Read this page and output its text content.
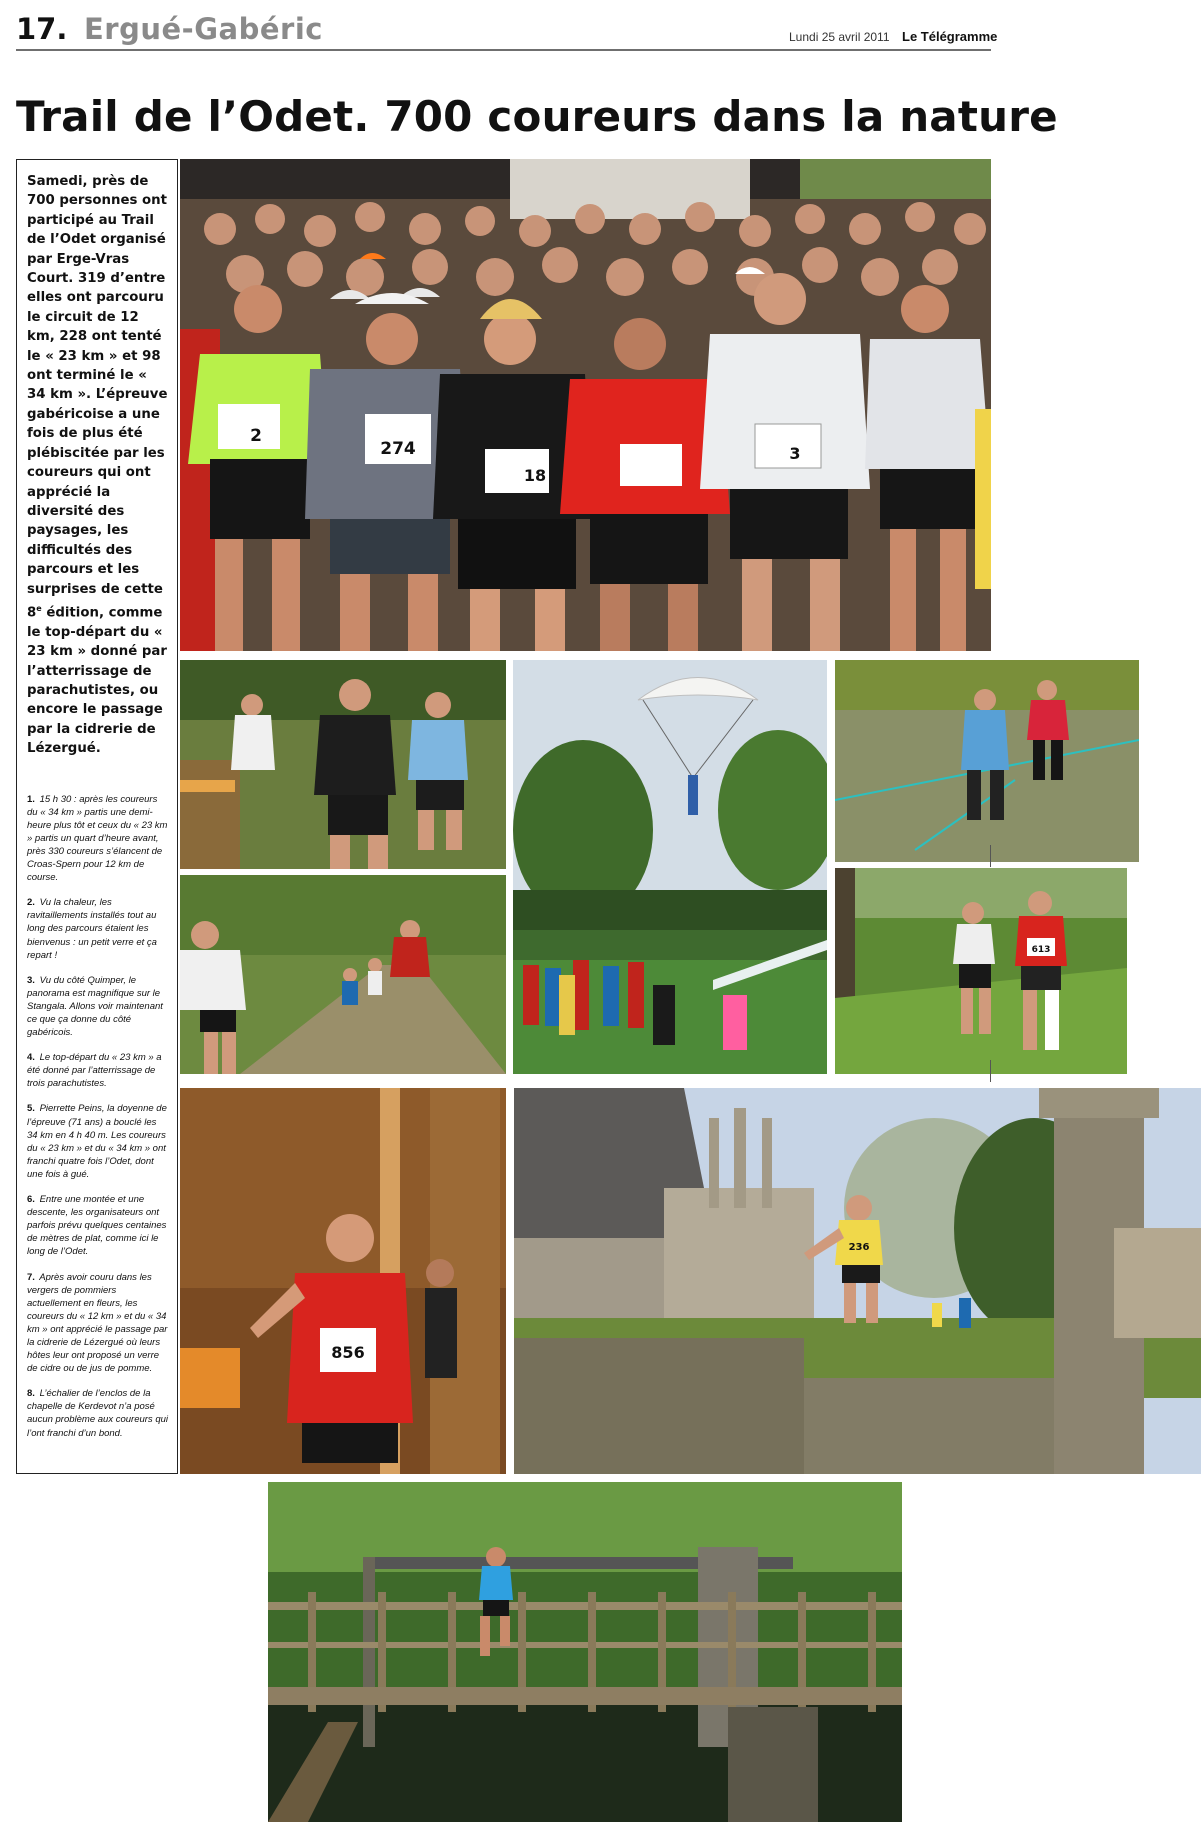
17. Ergué-Gabéric	Lundi 25 avril 2011 Le Télégramme
Trail de l’Odet. 700 coureurs dans la nature

Samedi, près de 700 personnes ont participé au Trail de l’Odet organisé par Erge-Vras Court. 319 d’entre elles ont parcouru le circuit de 12 km, 228 ont tenté le « 23 km » et 98 ont terminé le « 34 km ». L’épreuve gabéricoise a une fois de plus été plébiscitée par les coureurs qui ont apprécié la diversité des paysages, les difficultés des parcours et les surprises de cette 8e édition, comme le top-départ du « 23 km » donné par l’atterrissage de parachutistes, ou encore le passage par la cidrerie de Lézergué.

1. 15 h 30 : après les coureurs du « 34 km » partis une demi-heure plus tôt et ceux du « 23 km » partis un quart d’heure avant, près 330 coureurs s’élancent de Croas-Spern pour 12 km de course.
2. Vu la chaleur, les ravitaillements installés tout au long des parcours étaient les bienvenus : un petit verre et ça repart !
3. Vu du côté Quimper, le panorama est magnifique sur le Stangala. Allons voir maintenant ce que ça donne du côté gabéricois.
4. Le top-départ du « 23 km » a été donné par l’atterrissage de trois parachutistes.
5. Pierrette Peins, la doyenne de l’épreuve (71 ans) a bouclé les 34 km en 4 h 40 m. Les coureurs du « 23 km » et du « 34 km » ont franchi quatre fois l’Odet, dont une fois à gué.
6. Entre une montée et une descente, les organisateurs ont parfois prévu quelques centaines de mètres de plat, comme ici le long de l’Odet.
7. Après avoir couru dans les vergers de pommiers actuellement en fleurs, les coureurs du « 12 km » et du « 34 km » ont apprécié le passage par la cidrerie de Lézergué où leurs hôtes leur ont proposé un verre de cidre ou de jus de pomme.
8. L’échalier de l’enclos de la chapelle de Kerdevot n’a posé aucun problème aux coureurs qui l’ont franchi d’un bond.
2
274
18
3
613
856
236
